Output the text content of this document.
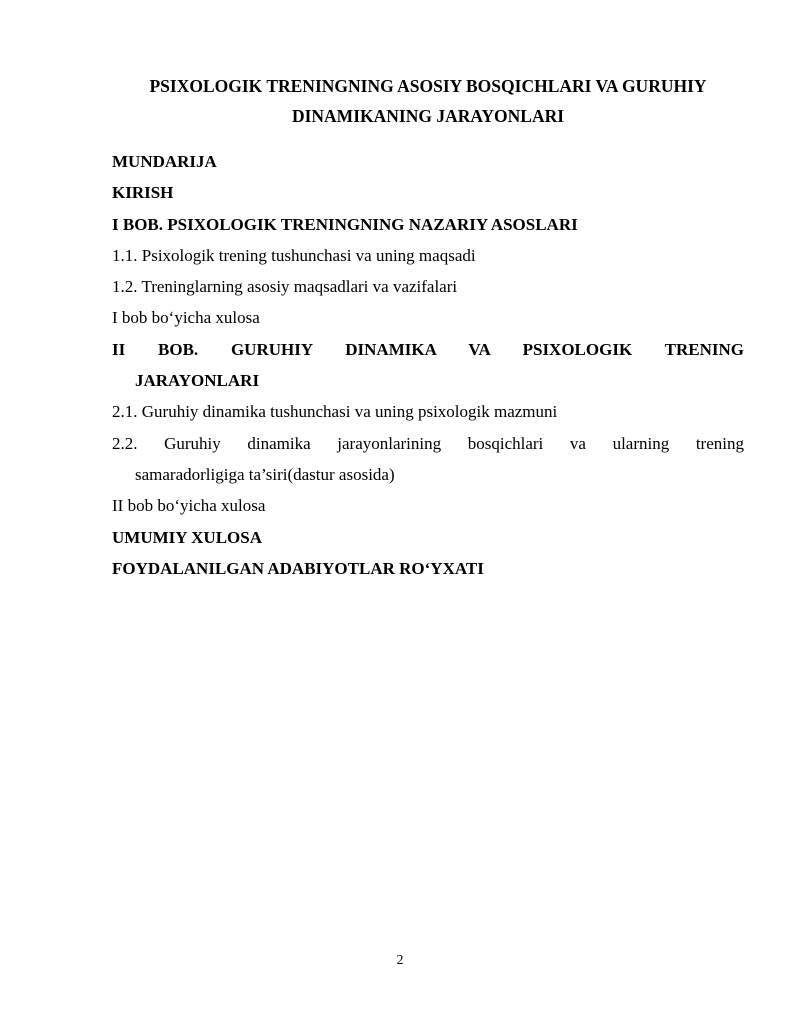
PSIXOLOGIK TRENINGNING ASOSIY BOSQICHLARI VA GURUHIY
DINAMIKANING JARAYONLARI
MUNDARIJA
KIRISH
I BOB. PSIXOLOGIK TRENINGNING NAZARIY ASOSLARI
1.1. Psixologik trening tushunchasi va uning maqsadi
1.2. Treninglarning asosiy maqsadlari va vazifalari
I bob bo‘yicha xulosa
II BOB. GURUHIY DINAMIKA VA PSIXOLOGIK TRENING
JARAYONLARI
2.1. Guruhiy dinamika tushunchasi va uning psixologik mazmuni
2.2. Guruhiy dinamika jarayonlarining bosqichlari va ularning trening
samaradorligiga ta’siri(dastur asosida)
II bob bo‘yicha xulosa
UMUMIY XULOSA
FOYDALANILGAN ADABIYOTLAR RO‘YXATI
2
